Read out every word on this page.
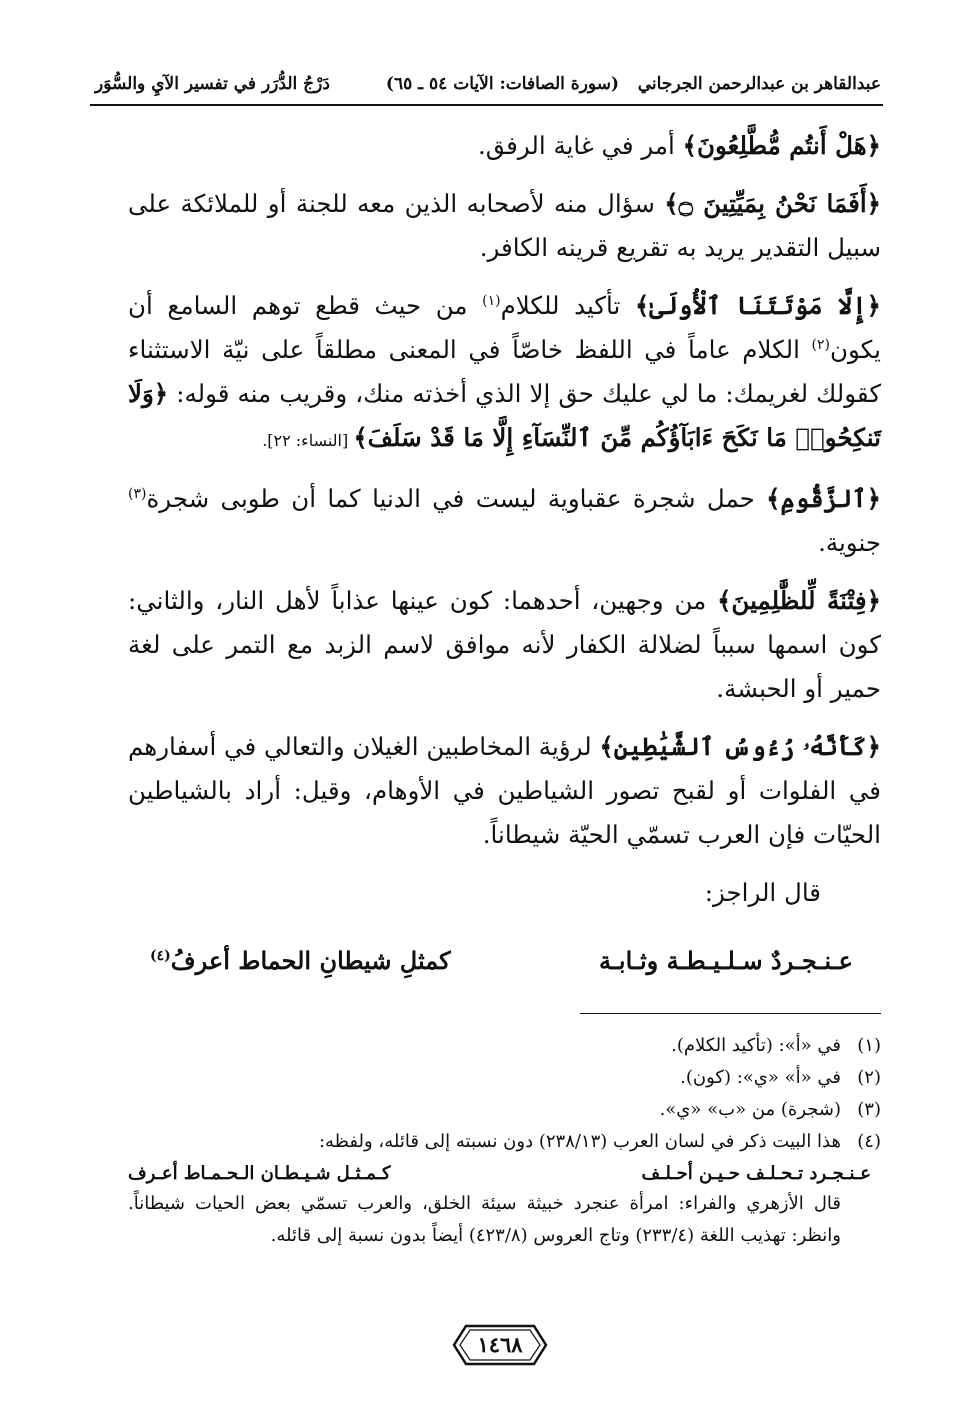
عبدالقاهر بن عبدالرحمن الجرجاني
(سورة الصافات: الآيات ٥٤ ـ ٦٥)
دَرْجُ الدُّرَر في تفسير الآيِ والسُّوَر

﴿هَلْ أَنتُم مُّطَّلِعُونَ﴾ أمر في غاية الرفق.

﴿أَفَمَا نَحْنُ بِمَيِّتِينَ ۝﴾ سؤال منه لأصحابه الذين معه للجنة أو للملائكة على سبيل التقدير يريد به تقريع قرينه الكافر.

﴿إِلَّا مَوْتَتَنَا ٱلْأُولَىٰ﴾ تأكيد للكلام$^{(١)}$ من حيث قطع توهم السامع أن يكون$^{(٢)}$ الكلام عاماً في اللفظ خاصّاً في المعنى مطلقاً على نيّة الاستثناء كقولك لغريمك: ما لي عليك حق إلا الذي أخذته منك، وقريب منه قوله: ﴿وَلَا تَنكِحُوا۟ مَا نَكَحَ ءَابَآؤُكُم مِّنَ ٱلنِّسَآءِ إِلَّا مَا قَدْ سَلَفَ﴾ [النساء: ٢٢].

﴿ٱلزَّقُّومِ﴾ حمل شجرة عقباوية ليست في الدنيا كما أن طوبى شجرة$^{(٣)}$ جنوية.

﴿فِتْنَةً لِّلظَّٰلِمِينَ﴾ من وجهين، أحدهما: كون عينها عذاباً لأهل النار، والثاني: كون اسمها سبباً لضلالة الكفار لأنه موافق لاسم الزبد مع التمر على لغة حمير أو الحبشة.

﴿كَأَنَّهُۥ رُءُوسُ ٱلشَّيَٰطِينِ﴾ لرؤية المخاطبين الغيلان والتعالي في أسفارهم في الفلوات أو لقبح تصور الشياطين في الأوهام، وقيل: أراد بالشياطين الحيّات فإن العرب تسمّي الحيّة شيطاناً.

قال الراجز:

عـنـجـردٌ سـلـيـطـة وثـابـة
كمثلِ شيطانِ الحماط أعرفُ$^{(٤)}$

(١)في «أ»: (تأكيد الكلام).

(٢)في «أ» «ي»: (كون).

(٣)(شجرة) من «ب» «ي».

(٤)هذا البيت ذكر في لسان العرب (٢٣٨/١٣) دون نسبته إلى قائله، ولفظه:

عـنـجـرد تـحـلـف حـيـن أحـلـف
كـمـثـل شـيـطـان الـحـمـاط أعـرف

قال الأزهري والفراء: امرأة عنجرد خبيثة سيئة الخلق، والعرب تسمّي بعض الحيات شيطاناً. وانظر: تهذيب اللغة (٢٣٣/٤) وتاج العروس (٤٢٣/٨) أيضاً بدون نسبة إلى قائله.

١٤٦٨
